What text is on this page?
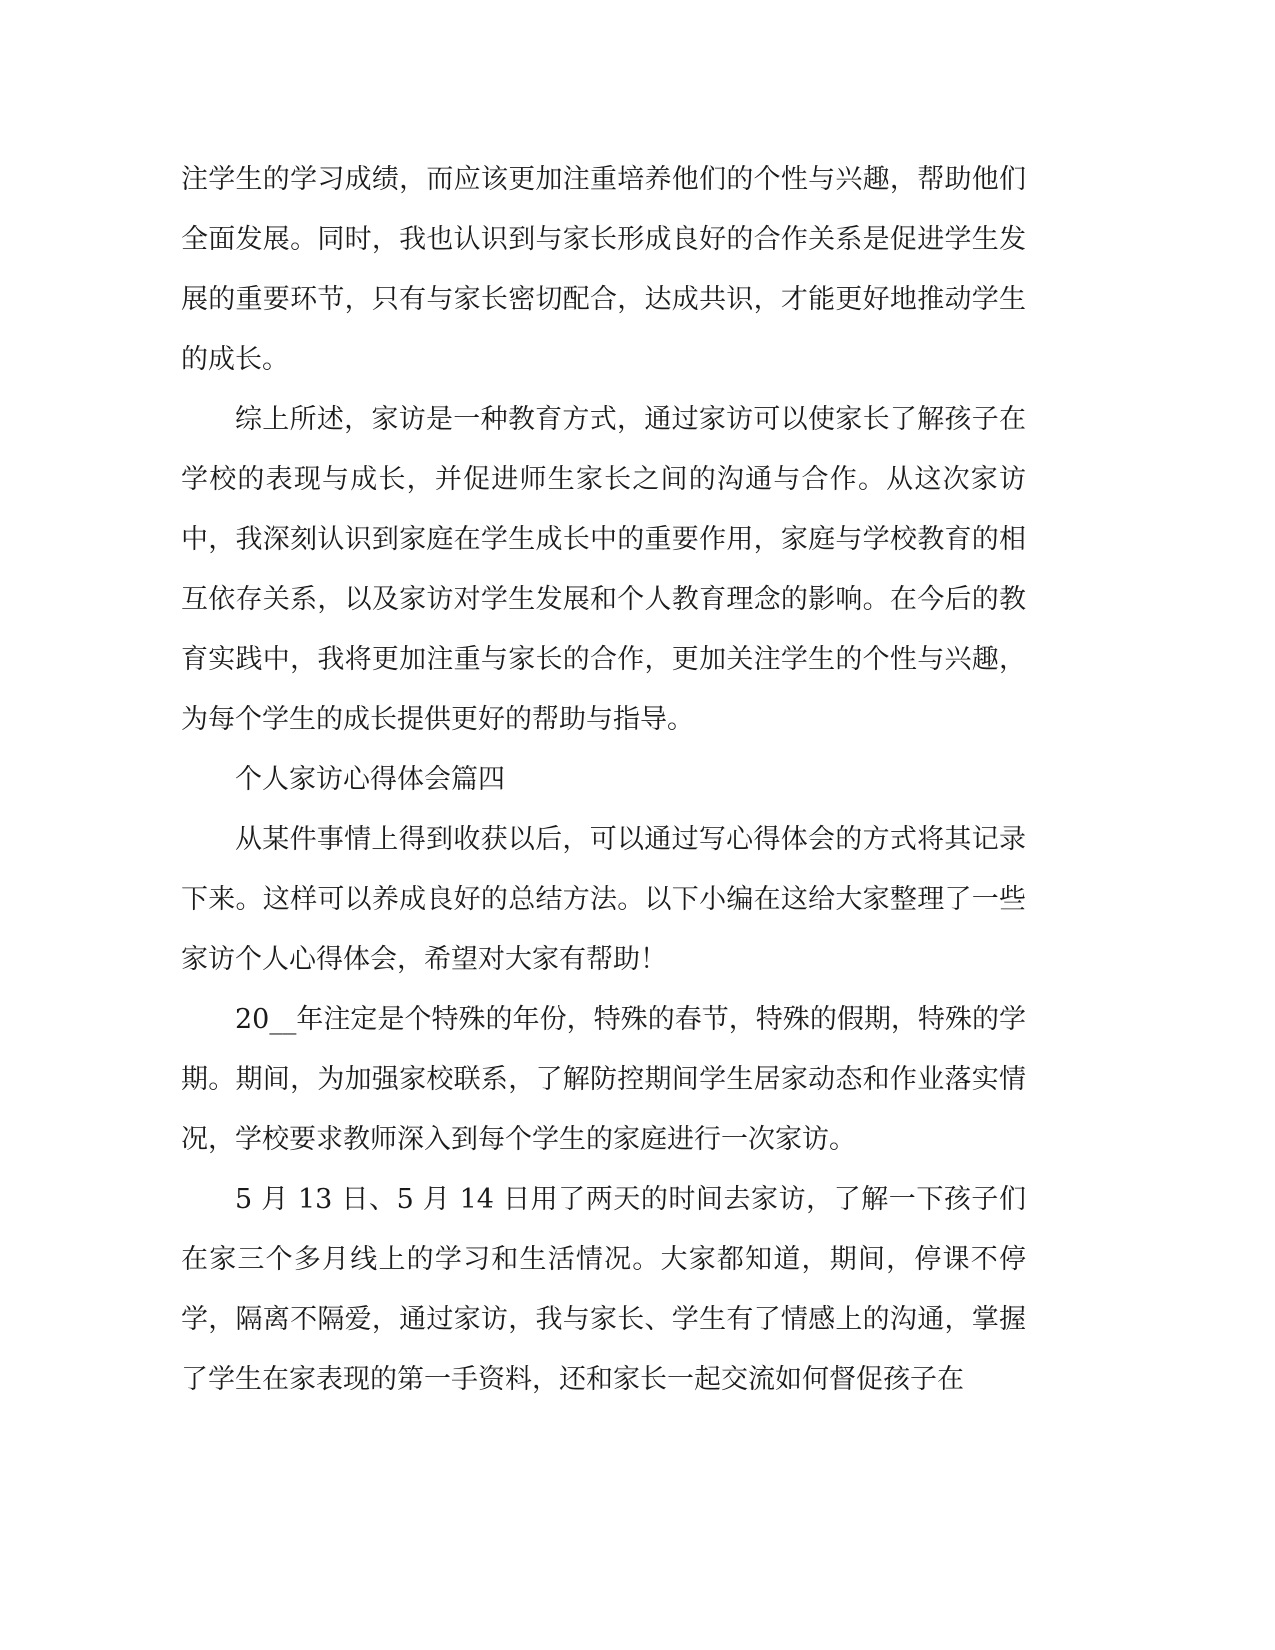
注学生的学习成绩，而应该更加注重培养他们的个性与兴趣，帮助他们全面发展。同时，我也认识到与家长形成良好的合作关系是促进学生发展的重要环节，只有与家长密切配合，达成共识，才能更好地推动学生的成长。

综上所述，家访是一种教育方式，通过家访可以使家长了解孩子在学校的表现与成长，并促进师生家长之间的沟通与合作。从这次家访中，我深刻认识到家庭在学生成长中的重要作用，家庭与学校教育的相互依存关系，以及家访对学生发展和个人教育理念的影响。在今后的教育实践中，我将更加注重与家长的合作，更加关注学生的个性与兴趣，为每个学生的成长提供更好的帮助与指导。

个人家访心得体会篇四

从某件事情上得到收获以后，可以通过写心得体会的方式将其记录下来。这样可以养成良好的总结方法。以下小编在这给大家整理了一些家访个人心得体会，希望对大家有帮助！

20__年注定是个特殊的年份，特殊的春节，特殊的假期，特殊的学期。期间，为加强家校联系，了解防控期间学生居家动态和作业落实情况，学校要求教师深入到每个学生的家庭进行一次家访。

5 月 13 日、5 月 14 日用了两天的时间去家访，了解一下孩子们在家三个多月线上的学习和生活情况。大家都知道，期间，停课不停学，隔离不隔爱，通过家访，我与家长、学生有了情感上的沟通，掌握了学生在家表现的第一手资料，还和家长一起交流如何督促孩子在
